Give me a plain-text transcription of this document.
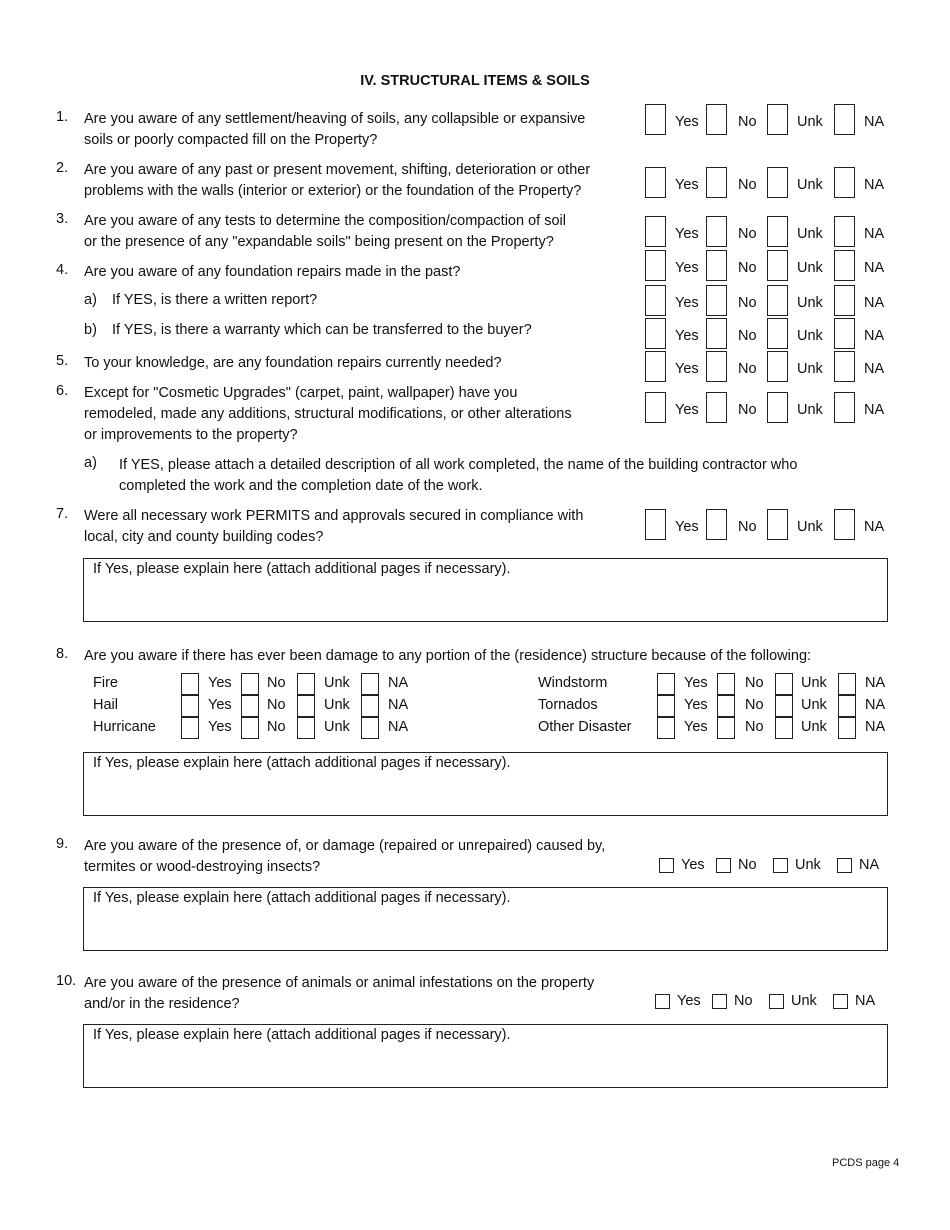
IV. STRUCTURAL ITEMS & SOILS
1. Are you aware of any settlement/heaving of soils, any collapsible or expansive
soils or poorly compacted fill on the Property?
Yes	No	Unk	NA
2. Are you aware of any past or present movement, shifting, deterioration or other
problems with the walls (interior or exterior) or the foundation of the Property?	Yes	No	Unk	NA
3. Are you aware of any tests to determine the composition/compaction of soil
or the presence of any "expandable soils" being present on the Property?	Yes	No	Unk	NA
4. Are you aware of any foundation repairs made in the past?	Yes	No	Unk	NA
a) If YES, is there a written report?	Yes	No	Unk	NA
b) If YES, is there a warranty which can be transferred to the buyer?	Yes	No	Unk	NA
5. To your knowledge, are any foundation repairs currently needed?	Yes	No	Unk	NA
6. Except for "Cosmetic Upgrades" (carpet, paint, wallpaper) have you
remodeled, made any additions, structural modifications, or other alterations
or improvements to the property?
Yes	No	Unk	NA
7. Were all necessary work PERMITS and approvals secured in compliance with
local, city and county building codes?
Yes	No	Unk	NA
a) If YES, please attach a detailed description of all work completed, the name of the building contractor who
completed the work and the completion date of the work.
If Yes, please explain here (attach additional pages if necessary).
8. Are you aware if there has ever been damage to any portion of the (residence) structure because of the following:
Fire	Yes No	Unk	NA
Hail	Yes No	Unk	NA
Hurricane	Yes No	Unk	NA
Windstorm	Yes	No	Unk	NA
Tornados	Yes	No	Unk	NA
Other Disaster	Yes	No	Unk	NA
If Yes, please explain here (attach additional pages if necessary).
9. Are you aware of the presence of, or damage (repaired or unrepaired) caused by,
termites or wood-destroying insects?	Yes No	Unk	NA
If Yes, please explain here (attach additional pages if necessary).
10. Are you aware of the presence of animals or animal infestations on the property
and/or in the residence?	Yes No	Unk	NA
If Yes, please explain here (attach additional pages if necessary).
PCDS page 4
